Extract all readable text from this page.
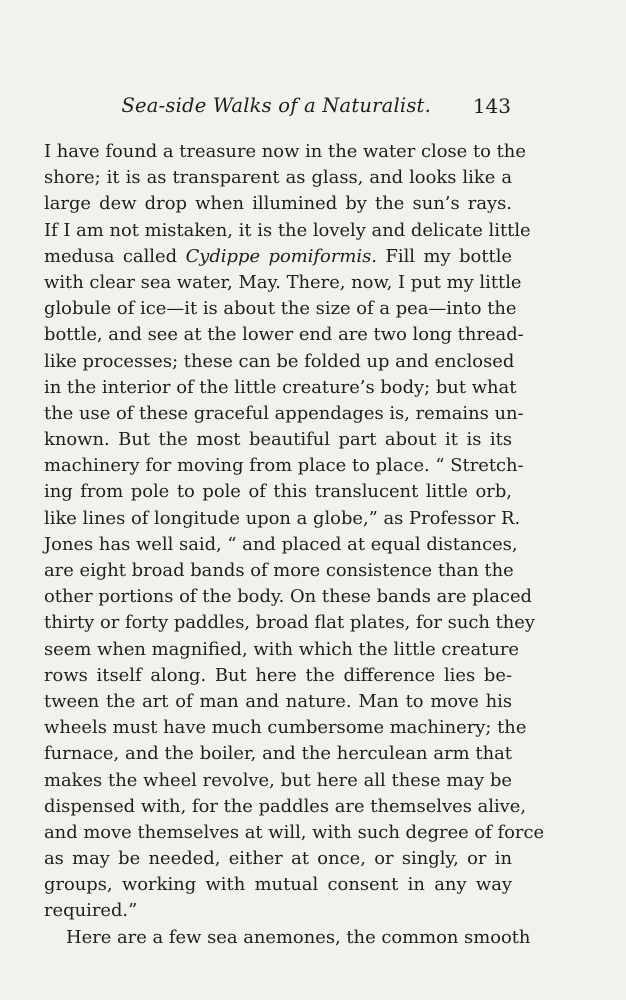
Sea-side Walks of a Naturalist. 143
I have found a treasure now in the water close to the
shore; it is as transparent as glass, and looks like a
large dew drop when illumined by the sun’s rays.
If I am not mistaken, it is the lovely and delicate little
medusa called Cydippe pomiformis. Fill my bottle
with clear sea water, May. There, now, I put my little
globule of ice—it is about the size of a pea—into the
bottle, and see at the lower end are two long thread-
like processes; these can be folded up and enclosed
in the interior of the little creature’s body; but what
the use of these graceful appendages is, remains un-
known. But the most beautiful part about it is its
machinery for moving from place to place. “ Stretch-
ing from pole to pole of this translucent little orb,
like lines of longitude upon a globe,” as Professor R.
Jones has well said, “ and placed at equal distances,
are eight broad bands of more consistence than the
other portions of the body. On these bands are placed
thirty or forty paddles, broad flat plates, for such they
seem when magnified, with which the little creature
rows itself along. But here the difference lies be-
tween the art of man and nature. Man to move his
wheels must have much cumbersome machinery; the
furnace, and the boiler, and the herculean arm that
makes the wheel revolve, but here all these may be
dispensed with, for the paddles are themselves alive,
and move themselves at will, with such degree of force
as may be needed, either at once, or singly, or in
groups, working with mutual consent in any way
required.”
Here are a few sea anemones, the common smooth
